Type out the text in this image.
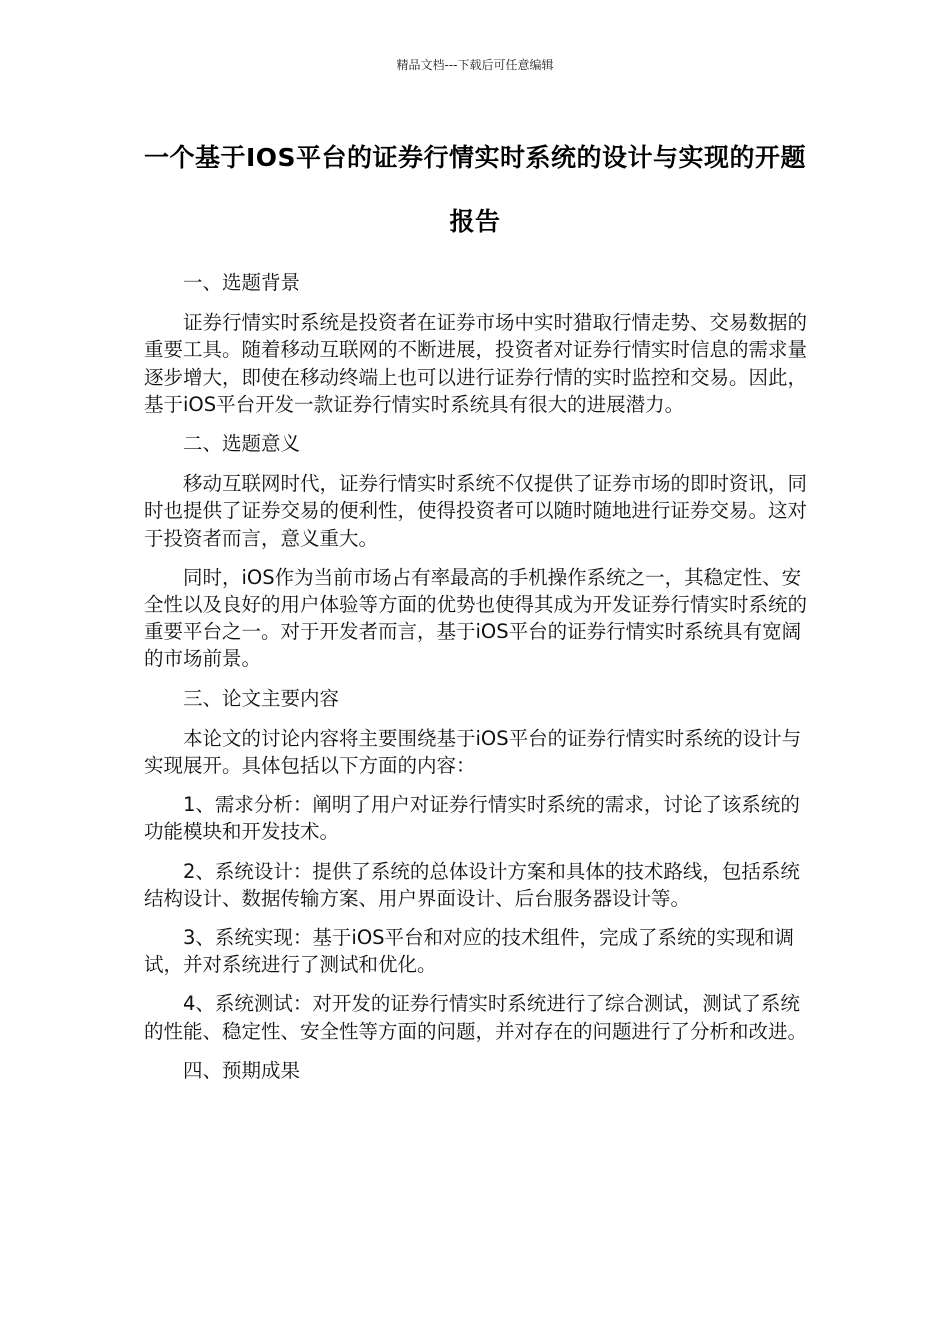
精品文档---下载后可任意编辑
一个基于IOS平台的证券行情实时系统的设计与实现的开题报告

一、选题背景

证券行情实时系统是投资者在证券市场中实时猎取行情走势、交易数据的重要工具。随着移动互联网的不断进展，投资者对证券行情实时信息的需求量逐步增大，即使在移动终端上也可以进行证券行情的实时监控和交易。因此，基于iOS平台开发一款证券行情实时系统具有很大的进展潜力。

二、选题意义

移动互联网时代，证券行情实时系统不仅提供了证券市场的即时资讯，同时也提供了证券交易的便利性，使得投资者可以随时随地进行证券交易。这对于投资者而言，意义重大。

同时，iOS作为当前市场占有率最高的手机操作系统之一，其稳定性、安全性以及良好的用户体验等方面的优势也使得其成为开发证券行情实时系统的重要平台之一。对于开发者而言，基于iOS平台的证券行情实时系统具有宽阔的市场前景。

三、论文主要内容

本论文的讨论内容将主要围绕基于iOS平台的证券行情实时系统的设计与实现展开。具体包括以下方面的内容：

1、需求分析：阐明了用户对证券行情实时系统的需求，讨论了该系统的功能模块和开发技术。

2、系统设计：提供了系统的总体设计方案和具体的技术路线，包括系统结构设计、数据传输方案、用户界面设计、后台服务器设计等。

3、系统实现：基于iOS平台和对应的技术组件，完成了系统的实现和调试，并对系统进行了测试和优化。

4、系统测试：对开发的证券行情实时系统进行了综合测试，测试了系统的性能、稳定性、安全性等方面的问题，并对存在的问题进行了分析和改进。

四、预期成果
